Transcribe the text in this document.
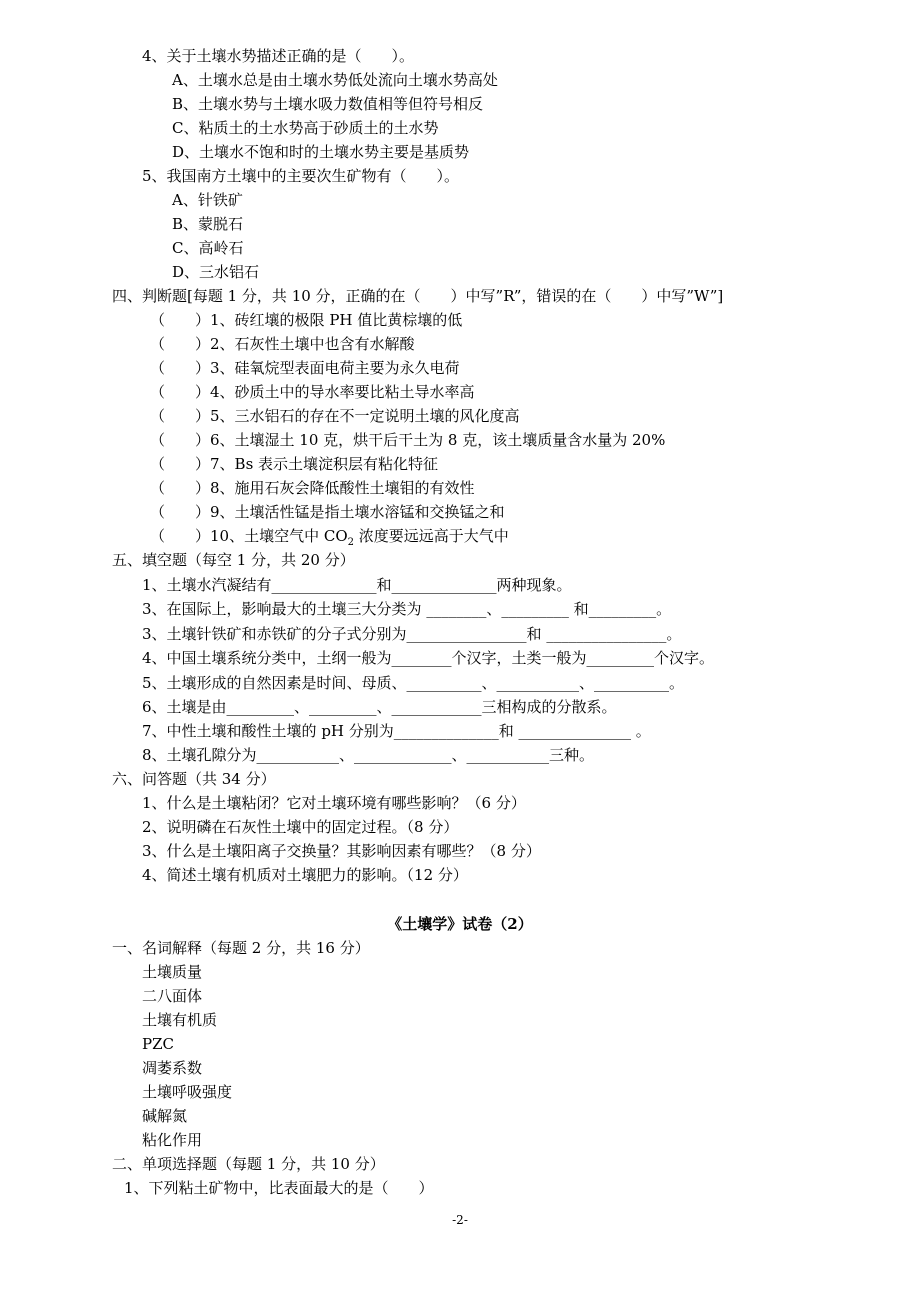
4、关于土壤水势描述正确的是（　　）。
A、土壤水总是由土壤水势低处流向土壤水势高处
B、土壤水势与土壤水吸力数值相等但符号相反
C、粘质土的土水势高于砂质土的土水势
D、土壤水不饱和时的土壤水势主要是基质势
5、我国南方土壤中的主要次生矿物有（　　）。
A、针铁矿
B、蒙脱石
C、高岭石
D、三水铝石
四、判断题[每题 1 分，共 10 分，正确的在（　　）中写”R”，错误的在（　　）中写”W”]
（　　）1、砖红壤的极限 PH 值比黄棕壤的低
（　　）2、石灰性土壤中也含有水解酸
（　　）3、硅氧烷型表面电荷主要为永久电荷
（　　）4、砂质土中的导水率要比粘土导水率高
（　　）5、三水铝石的存在不一定说明土壤的风化度高
（　　）6、土壤湿土 10 克，烘干后干土为 8 克，该土壤质量含水量为 20%
（　　）7、Bs 表示土壤淀积层有粘化特征
（　　）8、施用石灰会降低酸性土壤钼的有效性
（　　）9、土壤活性锰是指土壤水溶锰和交换锰之和
（　　）10、土壤空气中 $CO_2$ 浓度要远远高于大气中
五、填空题（每空 1 分，共 20 分）
1、土壤水汽凝结有______________和______________两种现象。
3、在国际上，影响最大的土壤三大分类为 ________、_________ 和_________。
3、土壤针铁矿和赤铁矿的分子式分别为________________和 ________________。
4、中国土壤系统分类中，土纲一般为________个汉字，土类一般为_________个汉字。
5、土壤形成的自然因素是时间、母质、__________、___________、__________。
6、土壤是由_________、_________、____________三相构成的分散系。
7、中性土壤和酸性土壤的 pH 分别为______________和 _______________ 。
8、土壤孔隙分为___________、_____________、___________三种。
六、问答题（共 34 分）
1、什么是土壤粘闭？它对土壤环境有哪些影响？（6 分）
2、说明磷在石灰性土壤中的固定过程。（8 分）
3、什么是土壤阳离子交换量？其影响因素有哪些？（8 分）
4、简述土壤有机质对土壤肥力的影响。（12 分）
《土壤学》试卷（2）
一、名词解释（每题 2 分，共 16 分）
土壤质量
二八面体
土壤有机质
PZC
凋萎系数
土壤呼吸强度
碱解氮
粘化作用
二、单项选择题（每题 1 分，共 10 分）
1、下列粘土矿物中，比表面最大的是（　　）
-2-
